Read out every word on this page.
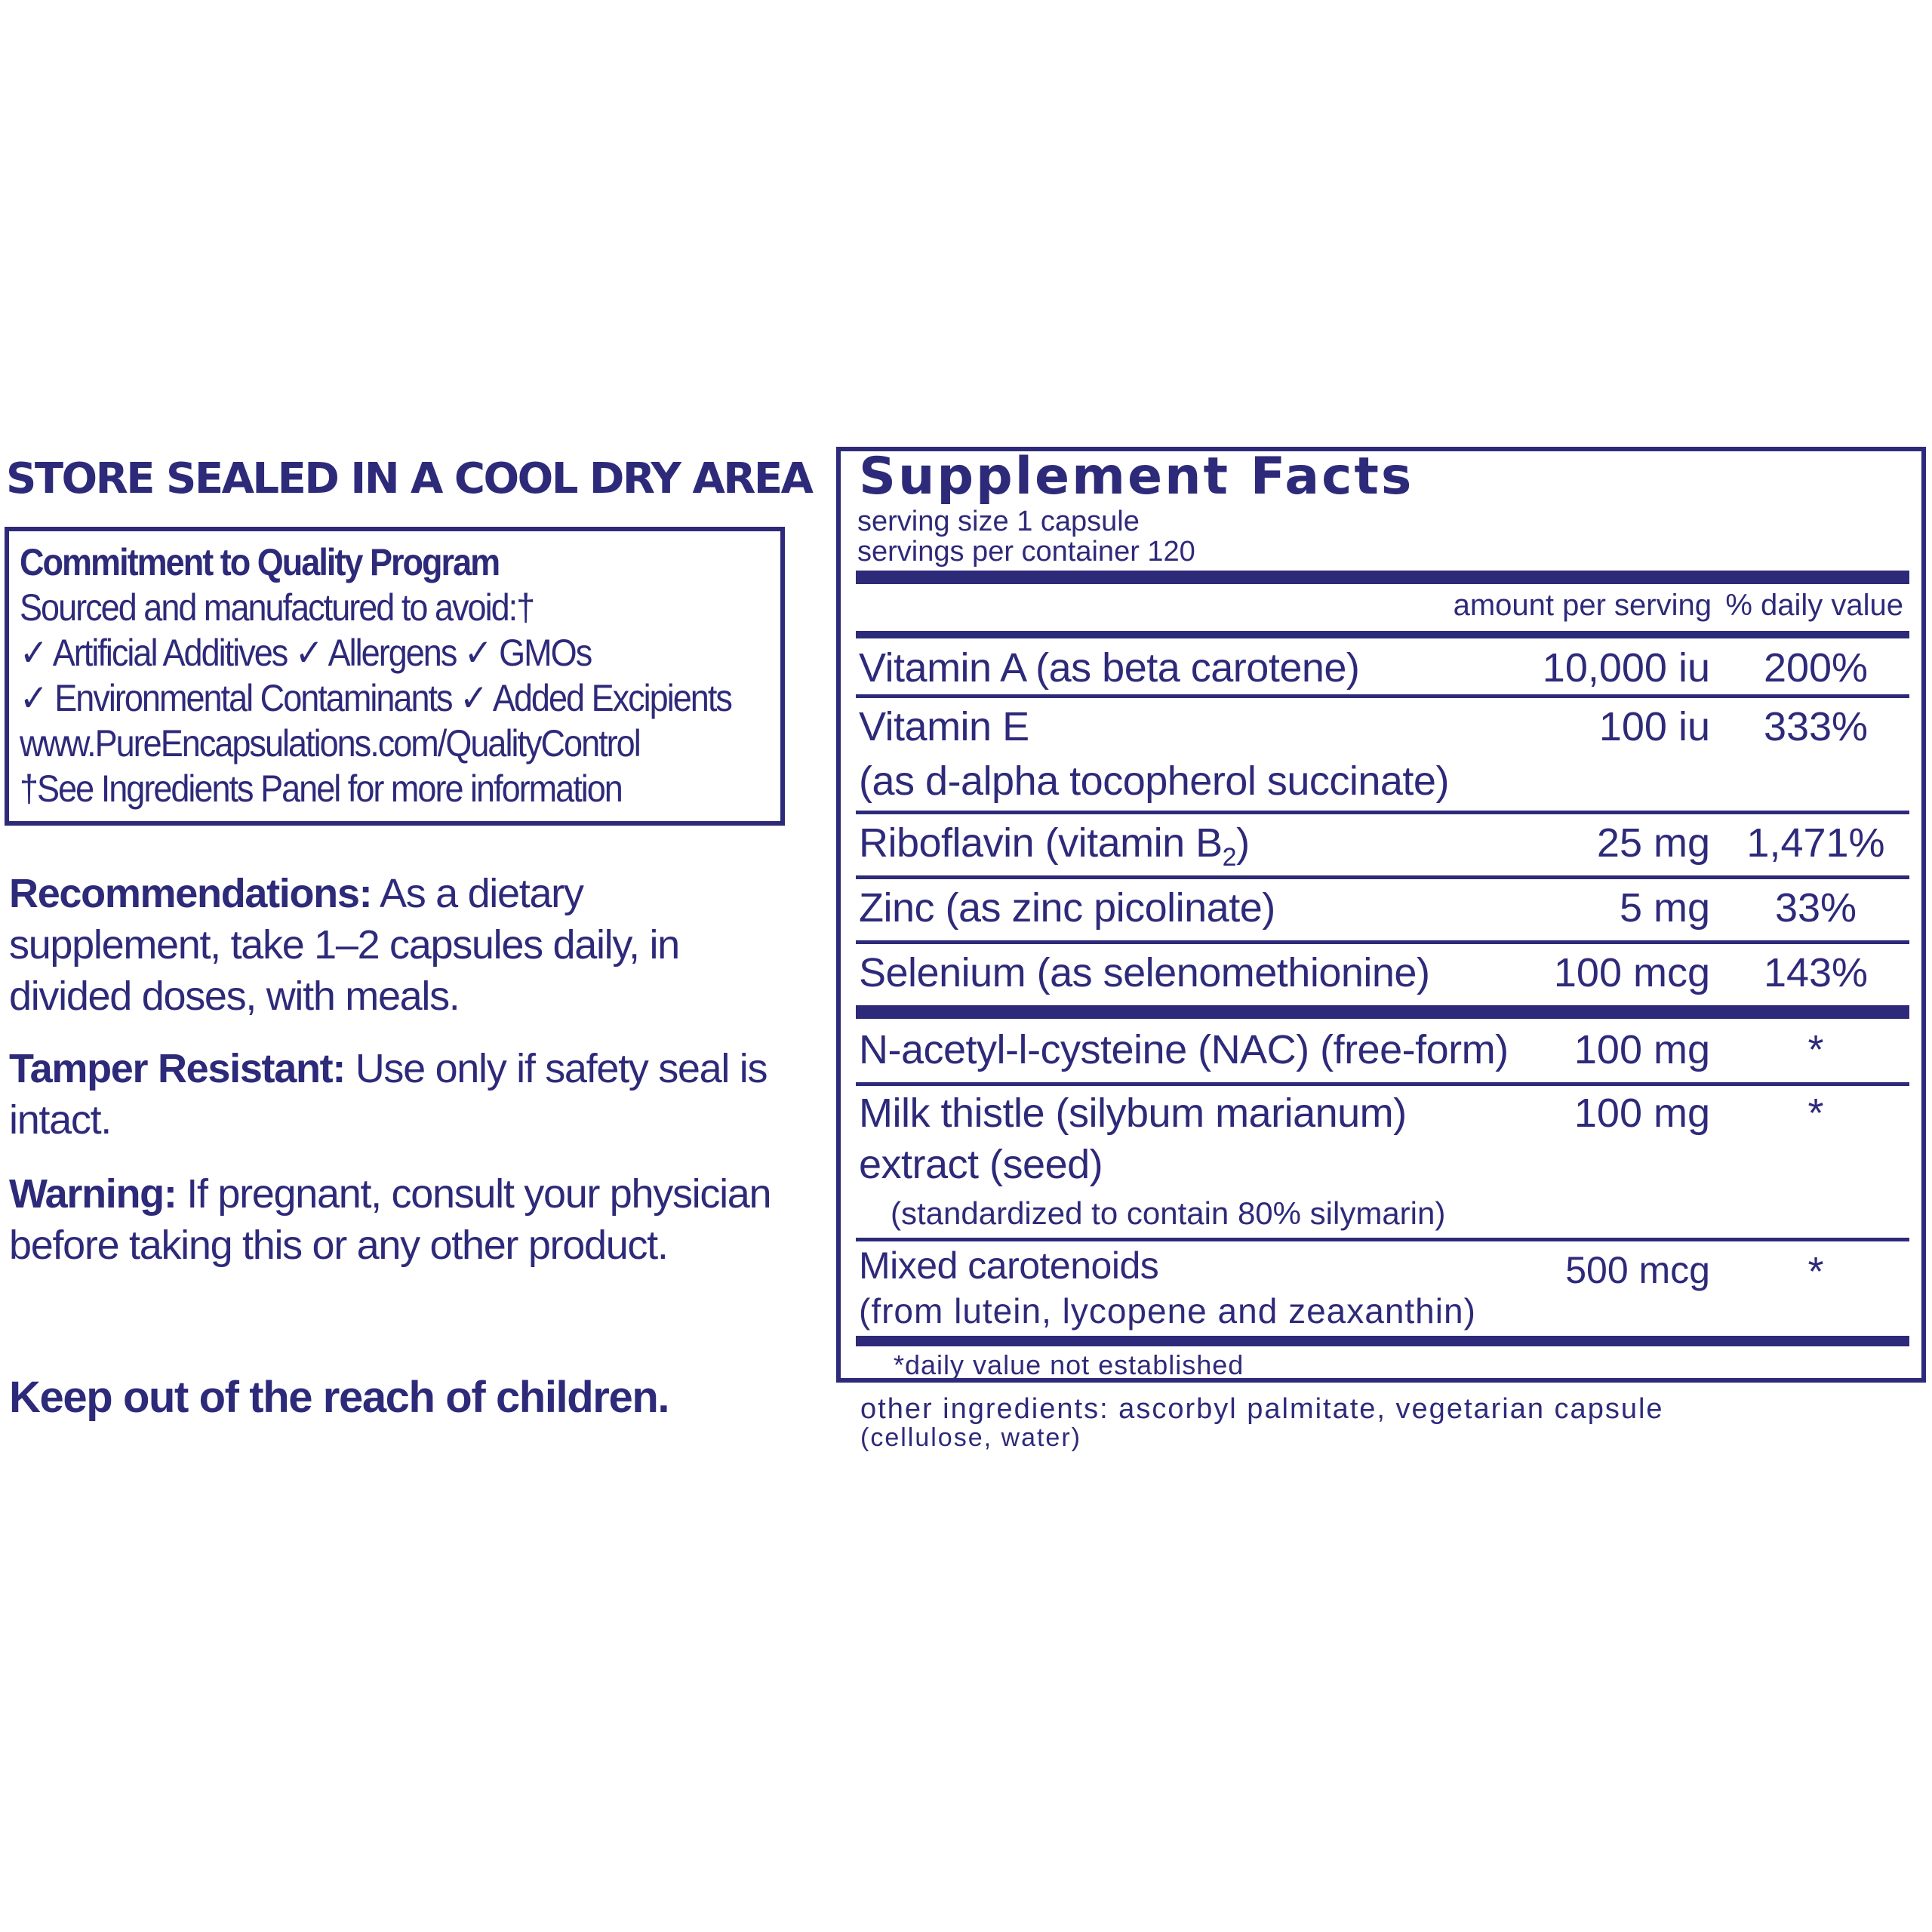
STORE SEALED IN A COOL DRY AREA
Commitment to Quality Program
Sourced and manufactured to avoid:†
✓ Artificial Additives ✓ Allergens ✓ GMOs
✓ Environmental Contaminants ✓ Added Excipients
www.PureEncapsulations.com/QualityControl
†See Ingredients Panel for more information
Recommendations: As a dietary supplement, take 1–2 capsules daily, in divided doses, with meals.
Tamper Resistant: Use only if safety seal is intact.
Warning: If pregnant, consult your physician before taking this or any other product.
Keep out of the reach of children.
Supplement Facts
serving size 1 capsule
servings per container 120
amount per serving % daily value
Vitamin A (as beta carotene)	10,000 iu	200%
Vitamin E
(as d-alpha tocopherol succinate)
100 iu	333%
Riboflavin (vitamin $B_2$)	25 mg 1,471%
Zinc (as zinc picolinate)	5 mg	33%
Selenium (as selenomethionine)	100 mcg	143%
N-acetyl-l-cysteine (NAC) (free-form) 100 mg	*
Milk thistle (silybum marianum)
extract (seed)
(standardized to contain 80% silymarin)
100 mg	*
Mixed carotenoids
(from lutein, lycopene and zeaxanthin)
500 mcg	*
*daily value not established
other ingredients: ascorbyl palmitate, vegetarian capsule
(cellulose, water)
